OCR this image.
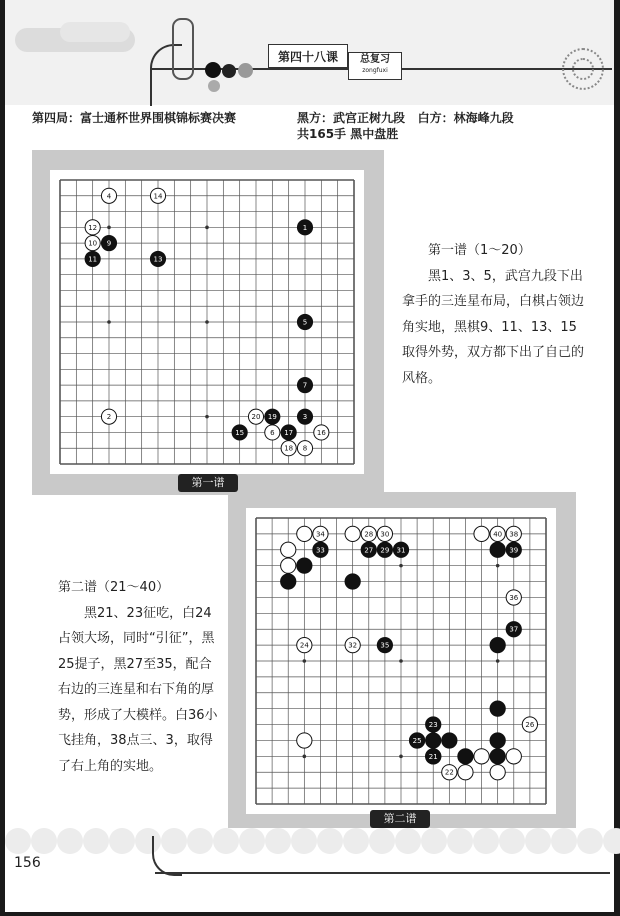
第四十八课	总复习
zongfuxi
第四局：富士通杯世界围棋锦标赛决赛	黑方：武宫正树九段 白方：林海峰九段
共165手 黑中盘胜
1
2	3
4
5
6
7
8
9
10
11
12
13
14
15	16
17
18
19
20
第一谱
21
22
23
24
25
26
27
28
29
30
31
32
33
34
35
36
37
38
39
40
第二谱
第一谱（1～20）
黑1、3、5，武宫九段下出拿手的三连星布局，白棋占领边角实地，黑棋9、11、13、15取得外势，双方都下出了自己的风格。
第二谱（21～40）
黑21、23征吃，白24占领大场，同时“引征”，黑25提子，黑27至35，配合右边的三连星和右下角的厚势，形成了大模样。白36小飞挂角，38点三、3，取得了右上角的实地。
156
